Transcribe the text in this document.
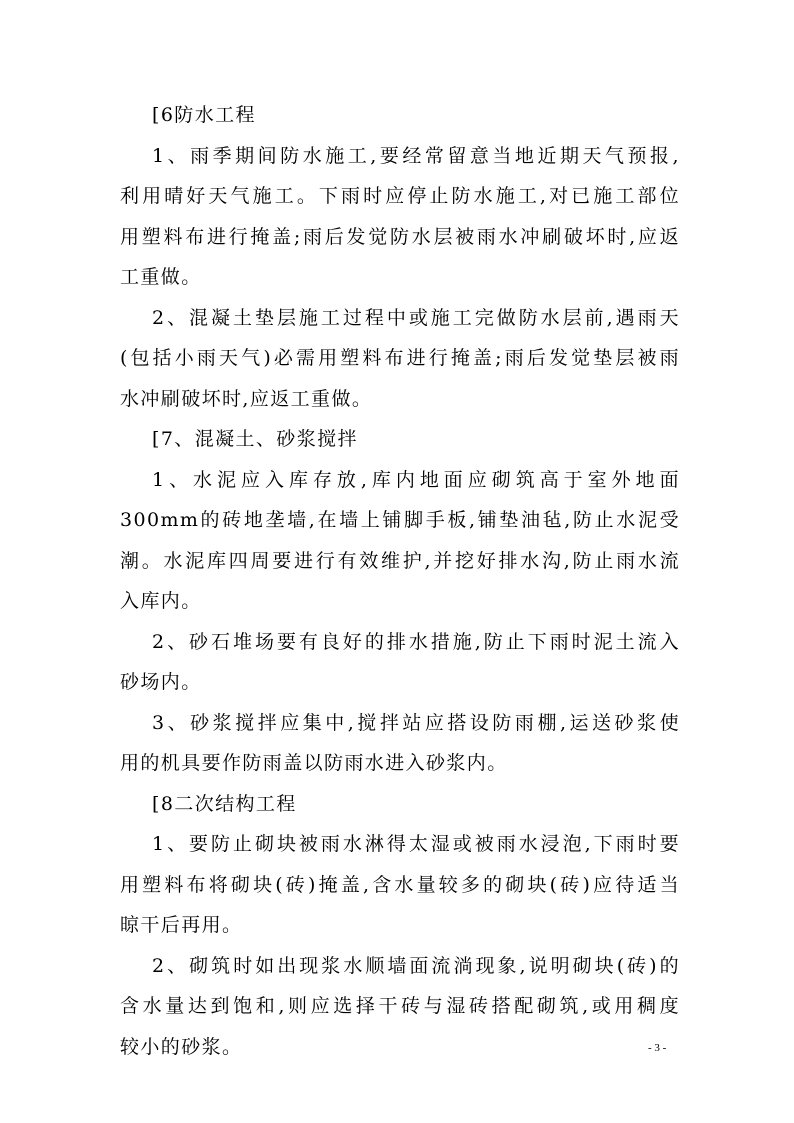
[6防水工程
1、雨季期间防水施工,要经常留意当地近期天气预报,
利用晴好天气施工。下雨时应停止防水施工,对已施工部位
用塑料布进行掩盖;雨后发觉防水层被雨水冲刷破坏时,应返
工重做。
2、混凝土垫层施工过程中或施工完做防水层前,遇雨天
(包括小雨天气)必需用塑料布进行掩盖;雨后发觉垫层被雨
水冲刷破坏时,应返工重做。
[7、混凝土、砂浆搅拌
1、水泥应入库存放,库内地面应砌筑高于室外地面
300mm的砖地垄墙,在墙上铺脚手板,铺垫油毡,防止水泥受
潮。水泥库四周要进行有效维护,并挖好排水沟,防止雨水流
入库内。
2、砂石堆场要有良好的排水措施,防止下雨时泥土流入
砂场内。
3、砂浆搅拌应集中,搅拌站应搭设防雨棚,运送砂浆使
用的机具要作防雨盖以防雨水进入砂浆内。
[8二次结构工程
1、要防止砌块被雨水淋得太湿或被雨水浸泡,下雨时要
用塑料布将砌块(砖)掩盖,含水量较多的砌块(砖)应待适当
晾干后再用。
2、砌筑时如出现浆水顺墙面流淌现象,说明砌块(砖)的
含水量达到饱和,则应选择干砖与湿砖搭配砌筑,或用稠度
较小的砂浆。	- 3 -
